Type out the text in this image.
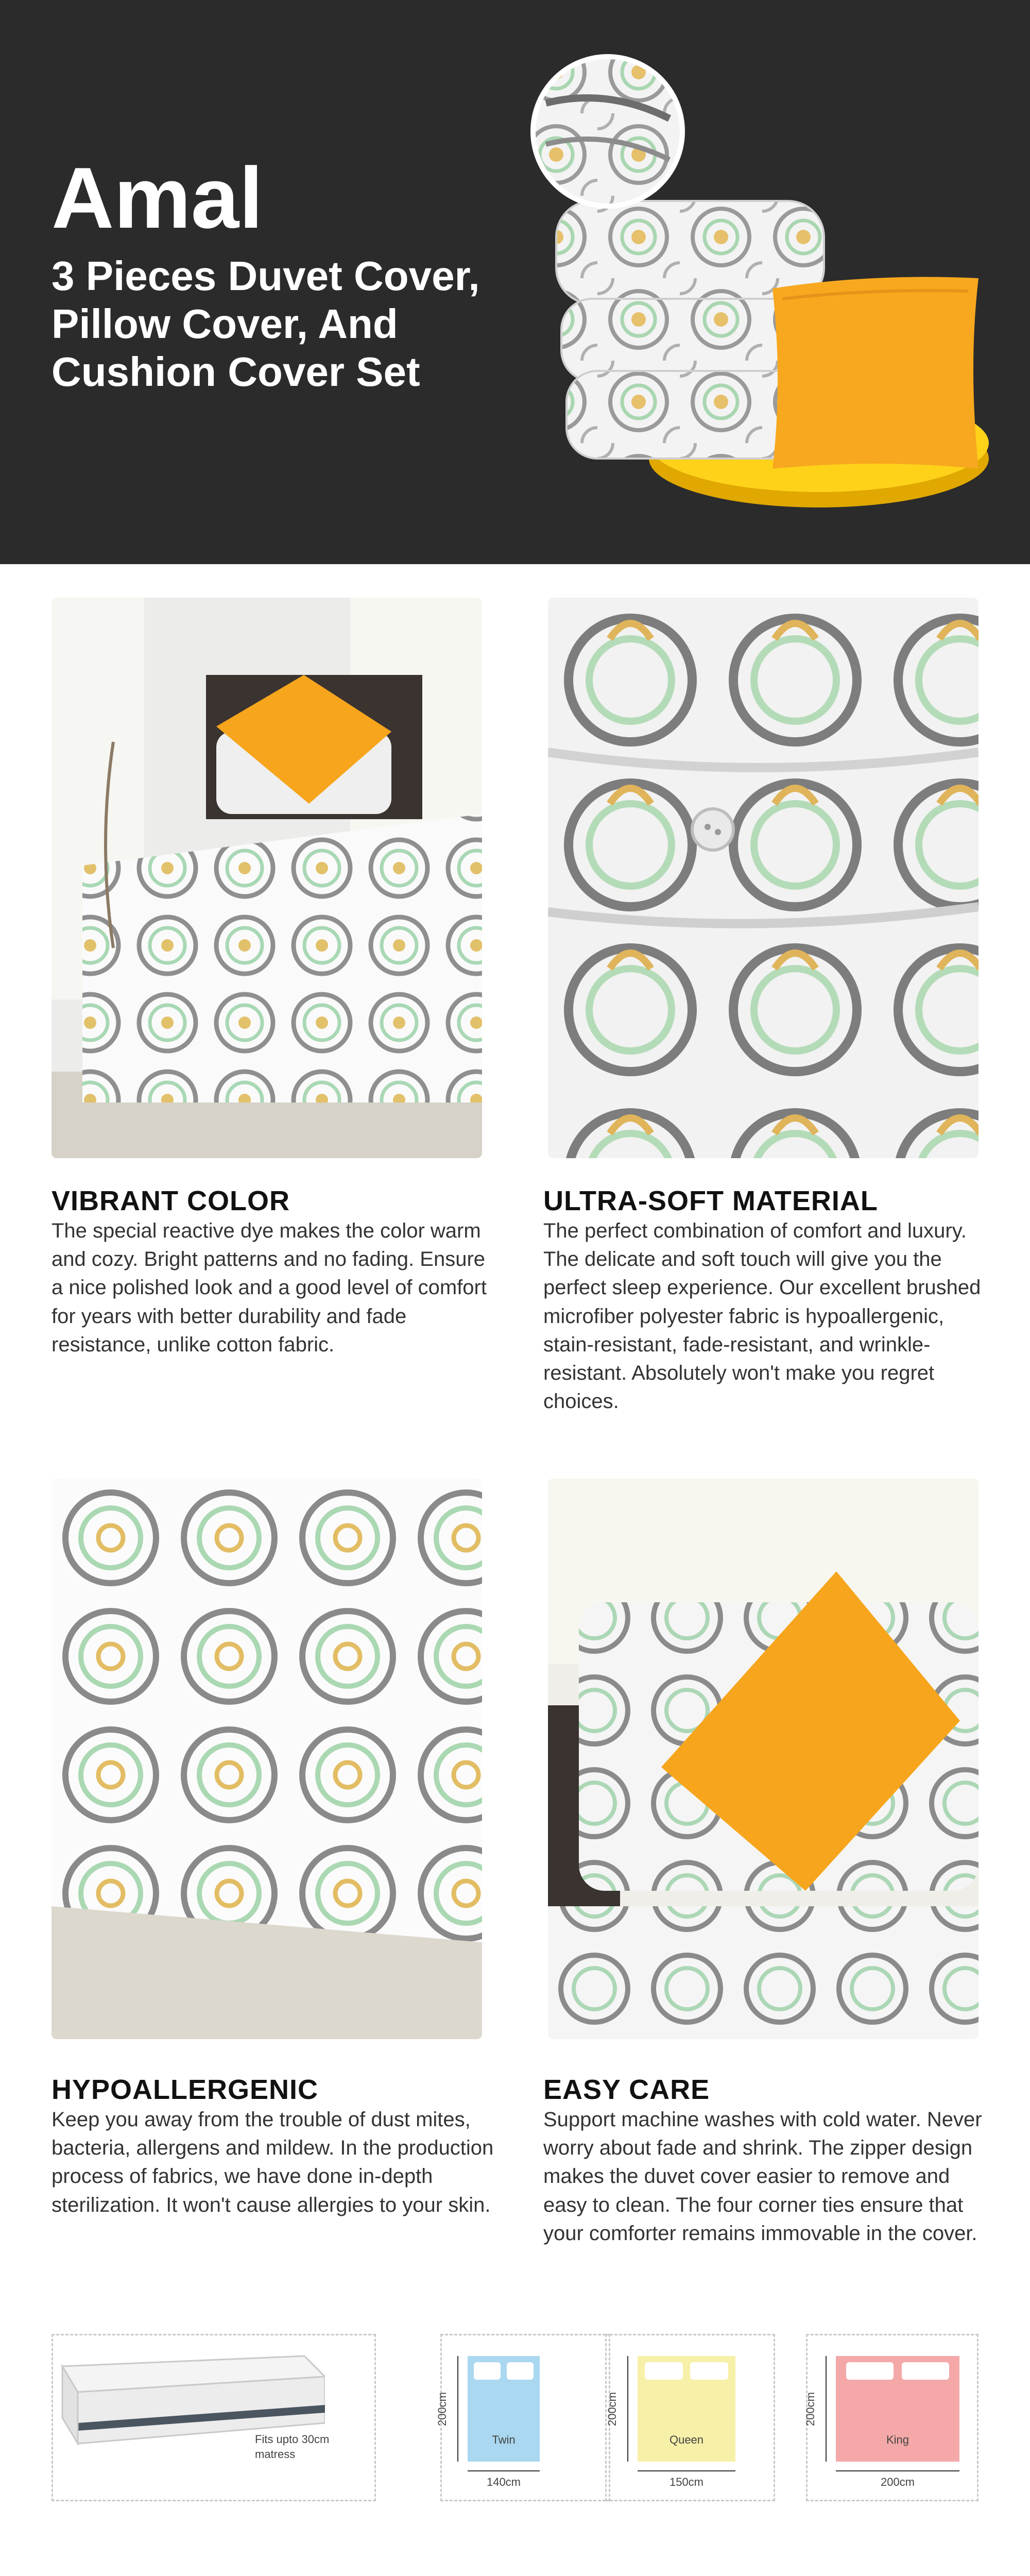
Amal
3 Pieces Duvet Cover,
Pillow Cover, And
Cushion Cover Set
VIBRANT COLOR
The special reactive dye makes the color warm and cozy. Bright patterns and no fading. Ensure a nice polished look and a good level of comfort for years with better durability and fade resistance, unlike cotton fabric.
ULTRA-SOFT MATERIAL
The perfect combination of comfort and luxury. The delicate and soft touch will give you the perfect sleep experience. Our excellent brushed microfiber polyester fabric is hypoallergenic, stain-resistant, fade-resistant, and wrinkle-resistant. Absolutely won't make you regret choices.
HYPOALLERGENIC
Keep you away from the trouble of dust mites, bacteria, allergens and mildew. In the production process of fabrics, we have done in-depth sterilization. It won't cause allergies to your skin.
EASY CARE
Support machine washes with cold water. Never worry about fade and shrink. The zipper design makes the duvet cover easier to remove and easy to clean. The four corner ties ensure that your comforter remains immovable in the cover.
Fits upto 30cm matress
Twin
200cm
140cm
Queen
200cm
150cm
King
200cm
200cm
